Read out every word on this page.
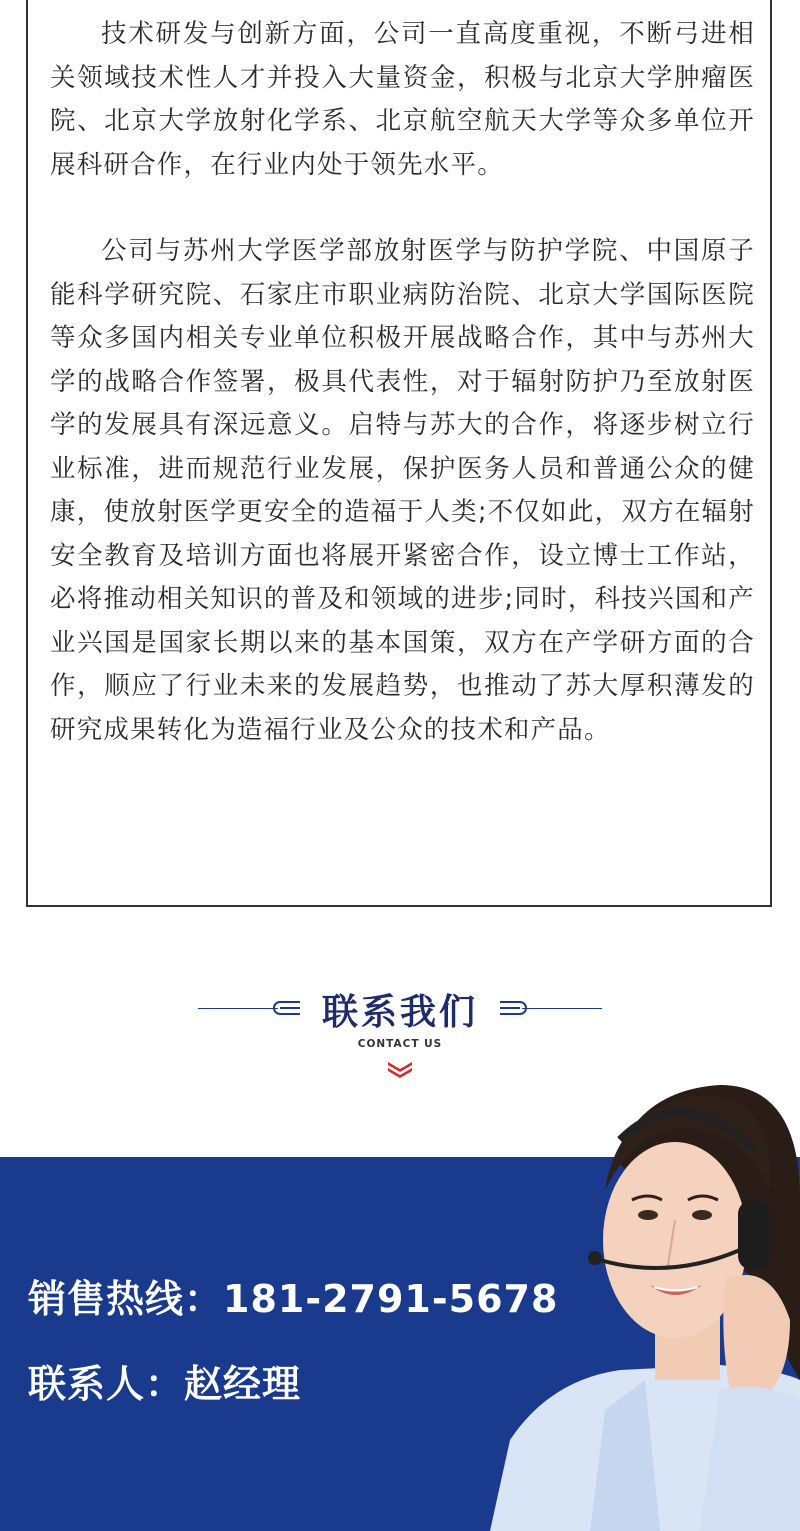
技术研发与创新方面，公司一直高度重视，不断弓进相关领域技术性人才并投入大量资金，积极与北京大学肿瘤医院、北京大学放射化学系、北京航空航天大学等众多单位开展科研合作，在行业内处于领先水平。

公司与苏州大学医学部放射医学与防护学院、中国原子能科学研究院、石家庄市职业病防治院、北京大学国际医院等众多国内相关专业单位积极开展战略合作，其中与苏州大学的战略合作签署，极具代表性，对于辐射防护乃至放射医学的发展具有深远意义。启特与苏大的合作，将逐步树立行业标准，进而规范行业发展，保护医务人员和普通公众的健康，使放射医学更安全的造福于人类;不仅如此，双方在辐射安全教育及培训方面也将展开紧密合作，设立博士工作站，必将推动相关知识的普及和领域的进步;同时，科技兴国和产业兴国是国家长期以来的基本国策，双方在产学研方面的合作，顺应了行业未来的发展趋势，也推动了苏大厚积薄发的研究成果转化为造福行业及公众的技术和产品。

联系我们
CONTACT US
销售热线：181-2791-5678
联系人：赵经理
